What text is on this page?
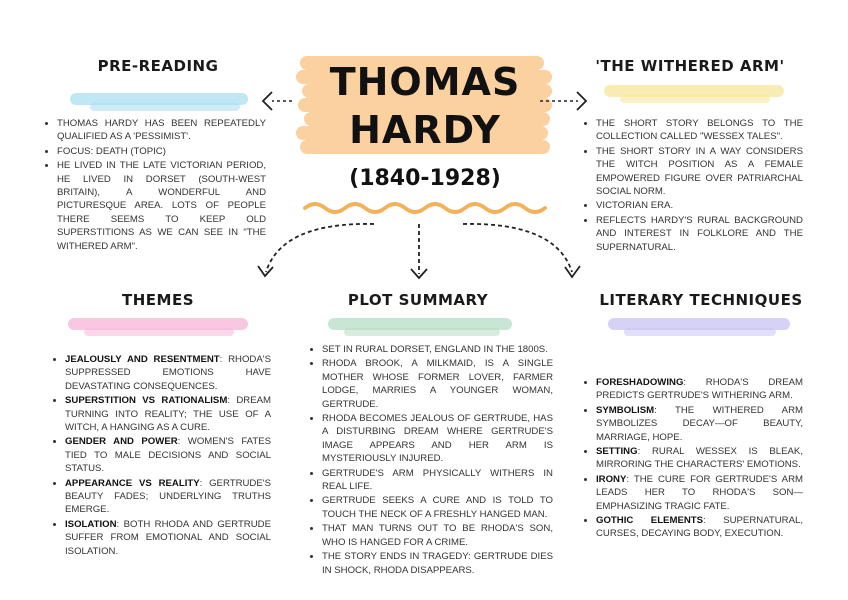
THOMAS
HARDY
(1840-1928)
PRE-READING
• THOMAS HARDY HAS BEEN REPEATEDLY QUALIFIED AS A 'PESSIMIST'.
• FOCUS: DEATH (TOPIC)
• HE LIVED IN THE LATE VICTORIAN PERIOD, HE LIVED IN DORSET (SOUTH-WEST BRITAIN), A WONDERFUL AND PICTURESQUE AREA. LOTS OF PEOPLE THERE SEEMS TO KEEP OLD SUPERSTITIONS AS WE CAN SEE IN "THE WITHERED ARM".
'THE WITHERED ARM'
• THE SHORT STORY BELONGS TO THE COLLECTION CALLED "WESSEX TALES".
• THE SHORT STORY IN A WAY CONSIDERS THE WITCH POSITION AS A FEMALE EMPOWERED FIGURE OVER PATRIARCHAL SOCIAL NORM.
• VICTORIAN ERA.
• REFLECTS HARDY'S RURAL BACKGROUND AND INTEREST IN FOLKLORE AND THE SUPERNATURAL.
THEMES
• JEALOUSLY AND RESENTMENT: RHODA'S SUPPRESSED EMOTIONS HAVE DEVASTATING CONSEQUENCES.
• SUPERSTITION VS RATIONALISM: DREAM TURNING INTO REALITY; THE USE OF A WITCH, A HANGING AS A CURE.
• GENDER AND POWER: WOMEN'S FATES TIED TO MALE DECISIONS AND SOCIAL STATUS.
• APPEARANCE VS REALITY: GERTRUDE'S BEAUTY FADES; UNDERLYING TRUTHS EMERGE.
• ISOLATION: BOTH RHODA AND GERTRUDE SUFFER FROM EMOTIONAL AND SOCIAL ISOLATION.
PLOT SUMMARY
• SET IN RURAL DORSET, ENGLAND IN THE 1800S.
• RHODA BROOK, A MILKMAID, IS A SINGLE MOTHER WHOSE FORMER LOVER, FARMER LODGE, MARRIES A YOUNGER WOMAN, GERTRUDE.
• RHODA BECOMES JEALOUS OF GERTRUDE, HAS A DISTURBING DREAM WHERE GERTRUDE'S IMAGE APPEARS AND HER ARM IS MYSTERIOUSLY INJURED.
• GERTRUDE'S ARM PHYSICALLY WITHERS IN REAL LIFE.
• GERTRUDE SEEKS A CURE AND IS TOLD TO TOUCH THE NECK OF A FRESHLY HANGED MAN.
• THAT MAN TURNS OUT TO BE RHODA'S SON, WHO IS HANGED FOR A CRIME.
• THE STORY ENDS IN TRAGEDY: GERTRUDE DIES IN SHOCK, RHODA DISAPPEARS.
LITERARY TECHNIQUES
• FORESHADOWING: RHODA'S DREAM PREDICTS GERTRUDE'S WITHERING ARM.
• SYMBOLISM: THE WITHERED ARM SYMBOLIZES DECAY—OF BEAUTY, MARRIAGE, HOPE.
• SETTING: RURAL WESSEX IS BLEAK, MIRRORING THE CHARACTERS' EMOTIONS.
• IRONY: THE CURE FOR GERTRUDE'S ARM LEADS HER TO RHODA'S SON—EMPHASIZING TRAGIC FATE.
• GOTHIC ELEMENTS: SUPERNATURAL, CURSES, DECAYING BODY, EXECUTION.
